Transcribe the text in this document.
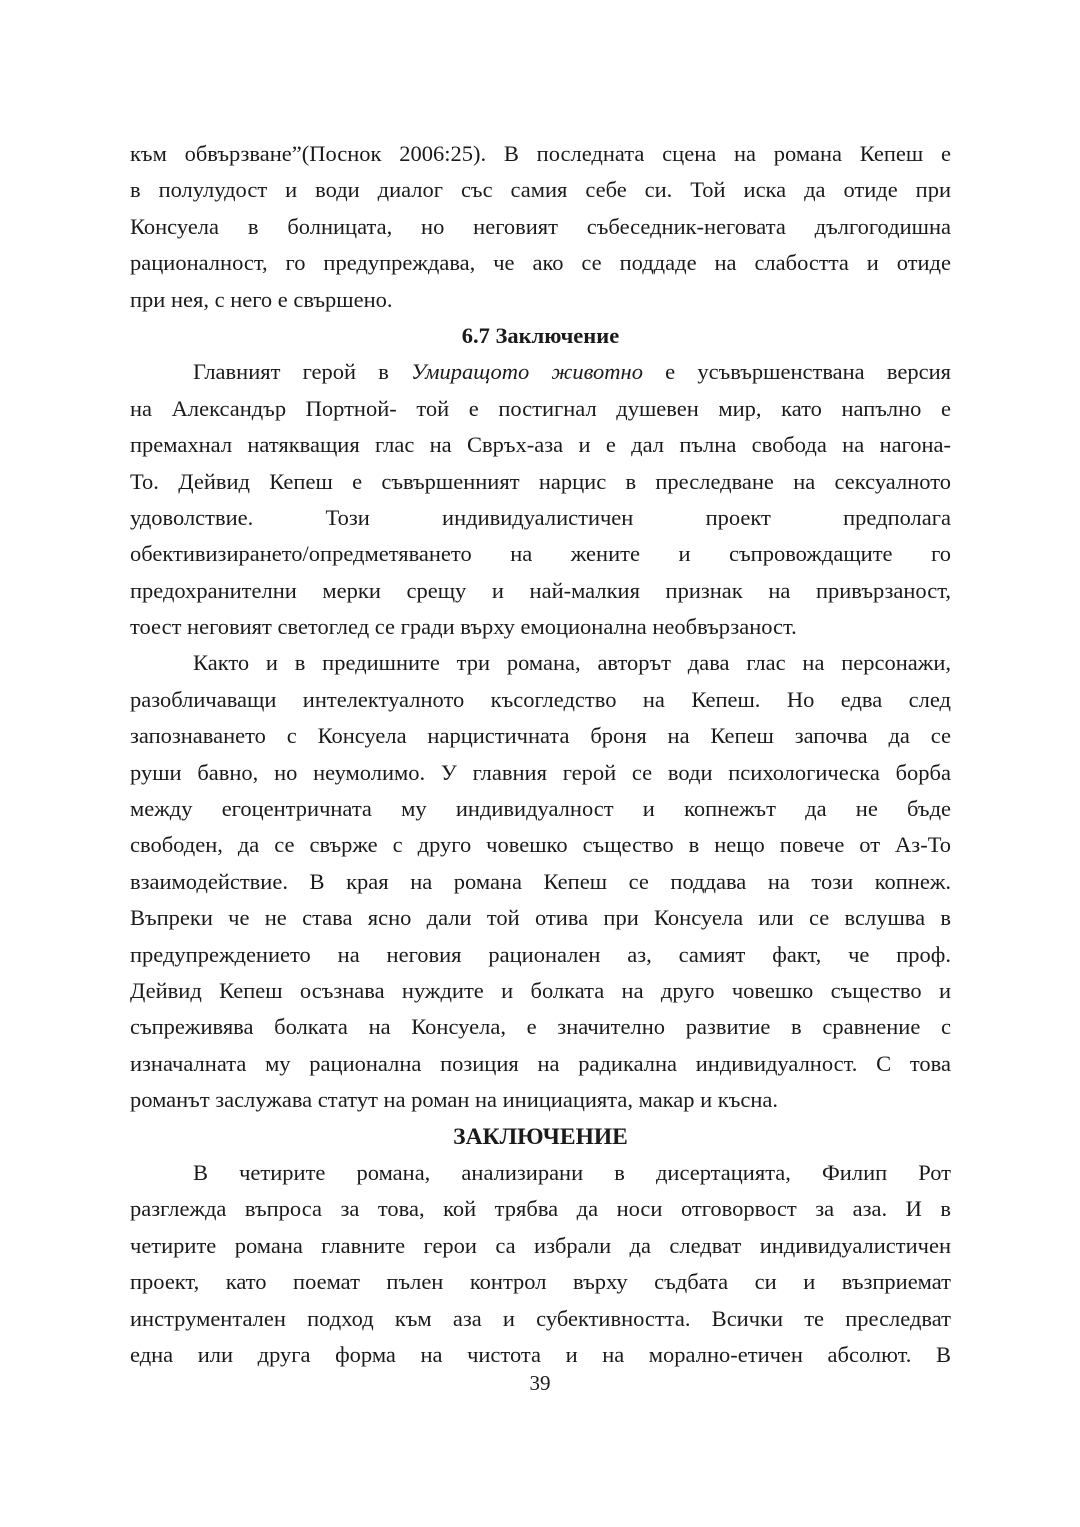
към обвързване”(Поснок 2006:25). В последната сцена на романа Кепеш е
в полулудост и води диалог със самия себе си. Той иска да отиде при
Консуела в болницата, но неговият събеседник-неговата дългогодишна
рационалност, го предупреждава, че ако се поддаде на слабостта и отиде
при нея, с него е свършено.
6.7 Заключение
Главният герой в Умиращото животно е усъвършенствана версия
на Александър Портной- той е постигнал душевен мир, като напълно е
премахнал натякващия глас на Свръх-аза и е дал пълна свобода на нагона-
То. Дейвид Кепеш е съвършенният нарцис в преследване на сексуалното
удоволствие. Този индивидуалистичен проект предполага
обективизирането/опредметяването на жените и съпровождащите го
предохранителни мерки срещу и най-малкия признак на привързаност,
тоест неговият светоглед се гради върху емоционална необвързаност.
Както и в предишните три романа, авторът дава глас на персонажи,
разобличаващи интелектуалното късогледство на Кепеш. Но едва след
запознаването с Консуела нарцистичната броня на Кепеш започва да се
руши бавно, но неумолимо. У главния герой се води психологическа борба
между егоцентричната му индивидуалност и копнежът да не бъде
свободен, да се свърже с друго човешко същество в нещо повече от Аз-То
взаимодействие. В края на романа Кепеш се поддава на този копнеж.
Въпреки че не става ясно дали той отива при Консуела или се вслушва в
предупреждението на неговия рационален аз, самият факт, че проф.
Дейвид Кепеш осъзнава нуждите и болката на друго човешко същество и
съпреживява болката на Консуела, е значително развитие в сравнение с
изначалната му рационална позиция на радикална индивидуалност. С това
романът заслужава статут на роман на инициацията, макар и късна.
ЗАКЛЮЧЕНИЕ
В четирите романа, анализирани в дисертацията, Филип Рот
разглежда въпроса за това, кой трябва да носи отговорвост за аза. И в
четирите романа главните герои са избрали да следват индивидуалистичен
проект, като поемат пълен контрол върху съдбата си и възприемат
инструментален подход към аза и субективността. Всички те преследват
една или друга форма на чистота и на морално-етичен абсолют. В
39
